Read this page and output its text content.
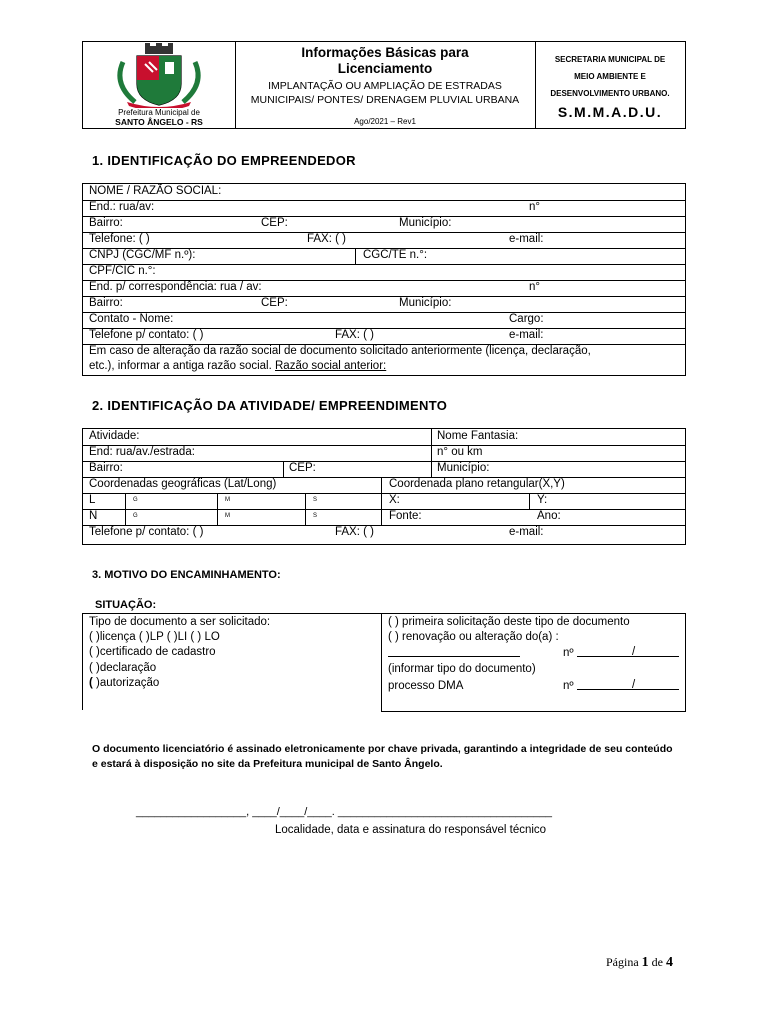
Prefeitura Municipal de
SANTO ÂNGELO - RS
Informações Básicas para
Licenciamento
IMPLANTAÇÃO OU AMPLIAÇÃO DE ESTRADAS
MUNICIPAIS/ PONTES/ DRENAGEM PLUVIAL URBANA
Ago/2021 – Rev1
SECRETARIA MUNICIPAL DE
MEIO AMBIENTE E
DESENVOLVIMENTO URBANO.
S.M.M.A.D.U.
1. IDENTIFICAÇÃO DO EMPREENDEDOR
NOME / RAZÃO SOCIAL:
End.: rua/av:	n°
Bairro:	CEP:	Município:
Telefone: ( )	FAX: ( )	e-mail:
CNPJ (CGC/MF n.º):	CGC/TE n.°:
CPF/CIC n.°:
End. p/ correspondência: rua / av:	n°
Bairro:	CEP:	Município:
Contato - Nome:	Cargo:
Telefone p/ contato: ( )	FAX: ( )	e-mail:
Em caso de alteração da razão social de documento solicitado anteriormente (licença, declaração,
etc.), informar a antiga razão social. Razão social anterior:
2. IDENTIFICAÇÃO DA ATIVIDADE/ EMPREENDIMENTO
Atividade:	Nome Fantasia:
End: rua/av./estrada:	n° ou km
Bairro:	CEP:	Município:
Coordenadas geográficas (Lat/Long)	Coordenada plano retangular(X,Y)
L	G	M	S	X:	Y:
N	G	M	S	Fonte:	Ano:
Telefone p/ contato: ( )	FAX: ( )	e-mail:
3. MOTIVO DO ENCAMINHAMENTO:
SITUAÇÃO:
Tipo de documento a ser solicitado:
( )licença ( )LP ( )LI ( ) LO
( )certificado de cadastro
( )declaração
( )autorização
( ) primeira solicitação deste tipo de documento
( ) renovação ou alteração do(a) :
nº	/
(informar tipo do documento)
processo DMA	nº	/
O documento licenciatório é assinado eletronicamente por chave privada, garantindo a integridade de seu conteúdo
e estará à disposição no site da Prefeitura municipal de Santo Ângelo.
__________________, ____/____/____. ___________________________________
Localidade, data e assinatura do responsável técnico
Página 1 de 4
